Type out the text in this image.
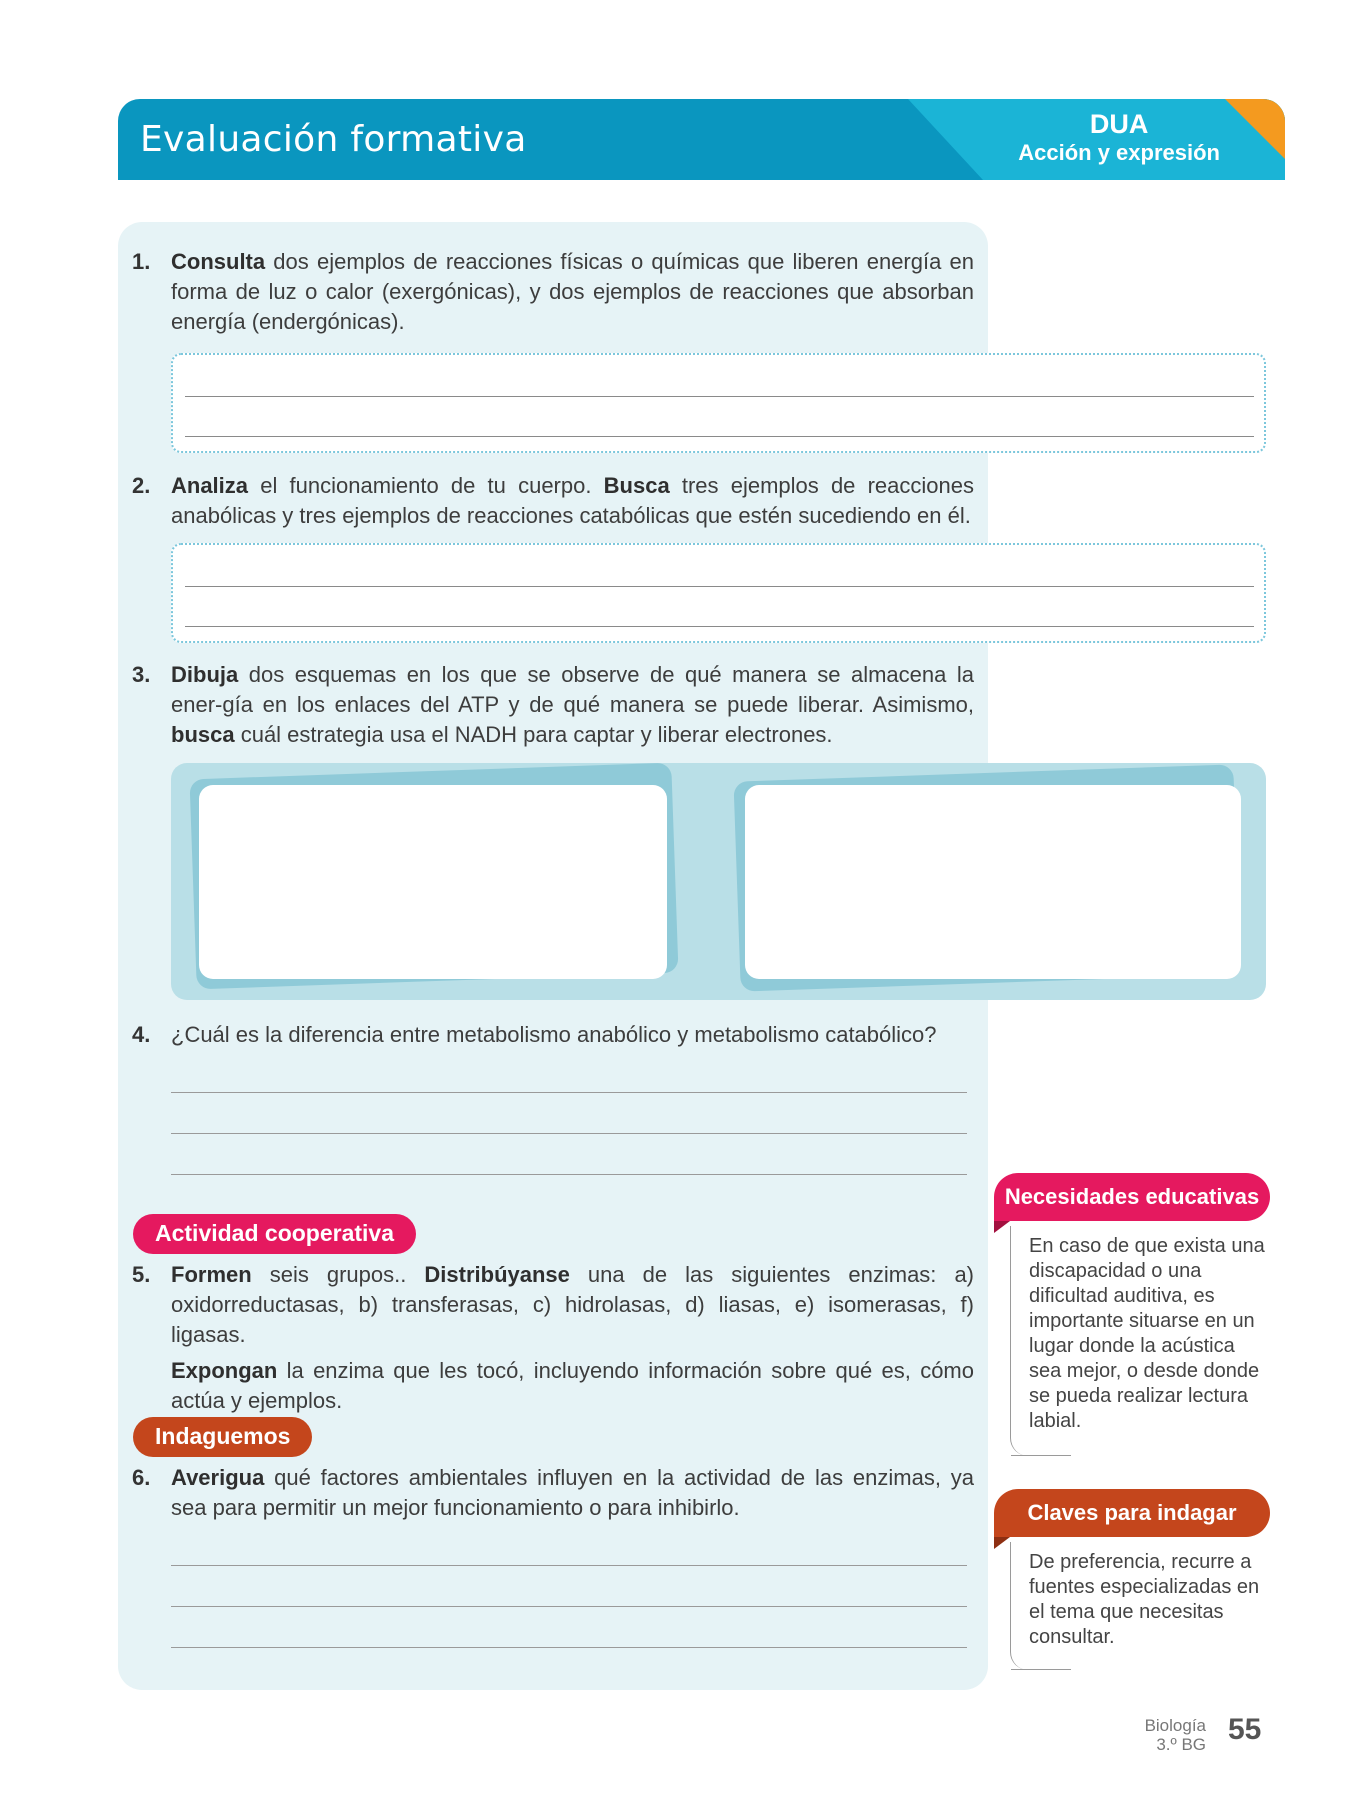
Evaluación formativa	DUA
Acción y expresión
1. Consulta dos ejemplos de reacciones físicas o químicas que liberen energía en forma de luz o calor (exergónicas), y dos ejemplos de reacciones que absorban energía (endergónicas).
2. Analiza el funcionamiento de tu cuerpo. Busca tres ejemplos de reacciones anabólicas y tres ejemplos de reacciones catabólicas que estén sucediendo en él.
3. Dibuja dos esquemas en los que se observe de qué manera se almacena la ener-gía en los enlaces del ATP y de qué manera se puede liberar. Asimismo, busca cuál estrategia usa el NADH para captar y liberar electrones.
4. ¿Cuál es la diferencia entre metabolismo anabólico y metabolismo catabólico?
Actividad cooperativa
5. Formen seis grupos.. Distribúyanse una de las siguientes enzimas: a) oxidorreductasas, b) transferasas, c) hidrolasas, d) liasas, e) isomerasas, f) ligasas.
Expongan la enzima que les tocó, incluyendo información sobre qué es, cómo actúa y ejemplos.
Indaguemos
6. Averigua qué factores ambientales influyen en la actividad de las enzimas, ya sea para permitir un mejor funcionamiento o para inhibirlo.
Necesidades educativas
En caso de que exista una discapacidad o una dificultad auditiva, es importante situarse en un lugar donde la acústica sea mejor, o desde donde se pueda realizar lectura labial.
Claves para indagar
De preferencia, recurre a fuentes especializadas en el tema que necesitas consultar.
Biología
3.º BG 55
